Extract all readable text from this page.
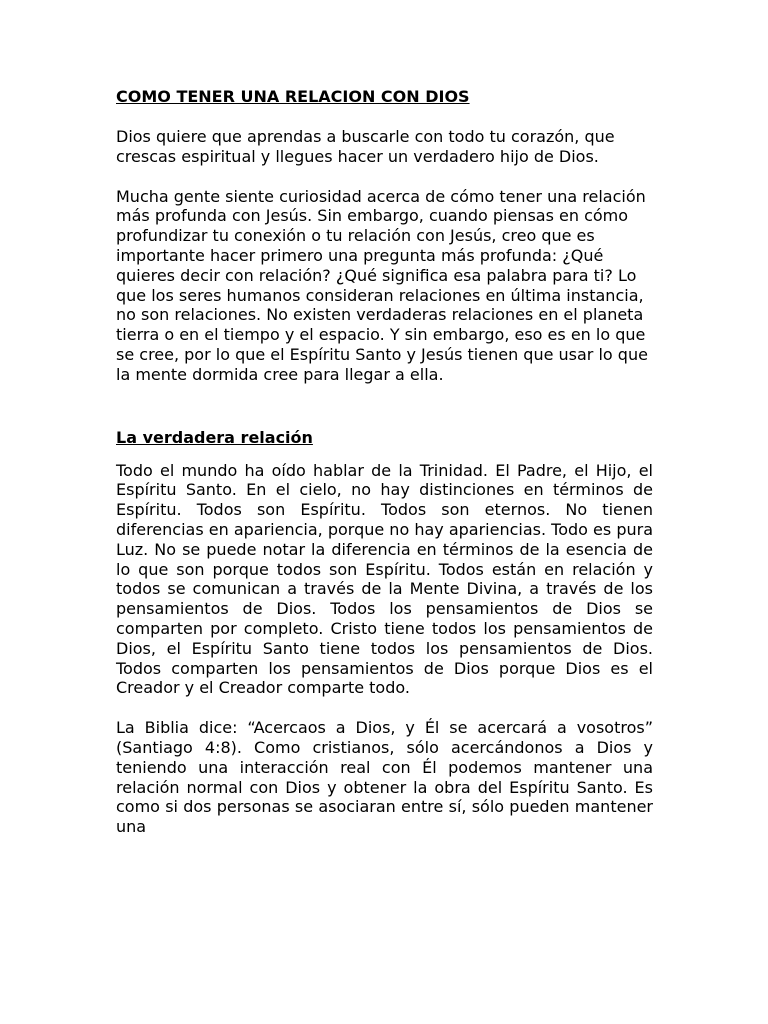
COMO TENER UNA RELACION CON DIOS

Dios quiere que aprendas a buscarle con todo tu corazón, que crescas espiritual y llegues hacer un verdadero hijo de Dios.

Mucha gente siente curiosidad acerca de cómo tener una relación más profunda con Jesús. Sin embargo, cuando piensas en cómo profundizar tu conexión o tu relación con Jesús, creo que es importante hacer primero una pregunta más profunda: ¿Qué quieres decir con relación? ¿Qué significa esa palabra para ti? Lo que los seres humanos consideran relaciones en última instancia, no son relaciones. No existen verdaderas relaciones en el planeta tierra o en el tiempo y el espacio. Y sin embargo, eso es en lo que se cree, por lo que el Espíritu Santo y Jesús tienen que usar lo que la mente dormida cree para llegar a ella.

La verdadera relación

Todo el mundo ha oído hablar de la Trinidad. El Padre, el Hijo, el Espíritu Santo. En el cielo, no hay distinciones en términos de Espíritu. Todos son Espíritu. Todos son eternos. No tienen diferencias en apariencia, porque no hay apariencias. Todo es pura Luz. No se puede notar la diferencia en términos de la esencia de lo que son porque todos son Espíritu. Todos están en relación y todos se comunican a través de la Mente Divina, a través de los pensamientos de Dios. Todos los pensamientos de Dios se comparten por completo. Cristo tiene todos los pensamientos de Dios, el Espíritu Santo tiene todos los pensamientos de Dios. Todos comparten los pensamientos de Dios porque Dios es el Creador y el Creador comparte todo.

La Biblia dice: “Acercaos a Dios, y Él se acercará a vosotros” (Santiago 4:8). Como cristianos, sólo acercándonos a Dios y teniendo una interacción real con Él podemos mantener una relación normal con Dios y obtener la obra del Espíritu Santo. Es como si dos personas se asociaran entre sí, sólo pueden mantener una
